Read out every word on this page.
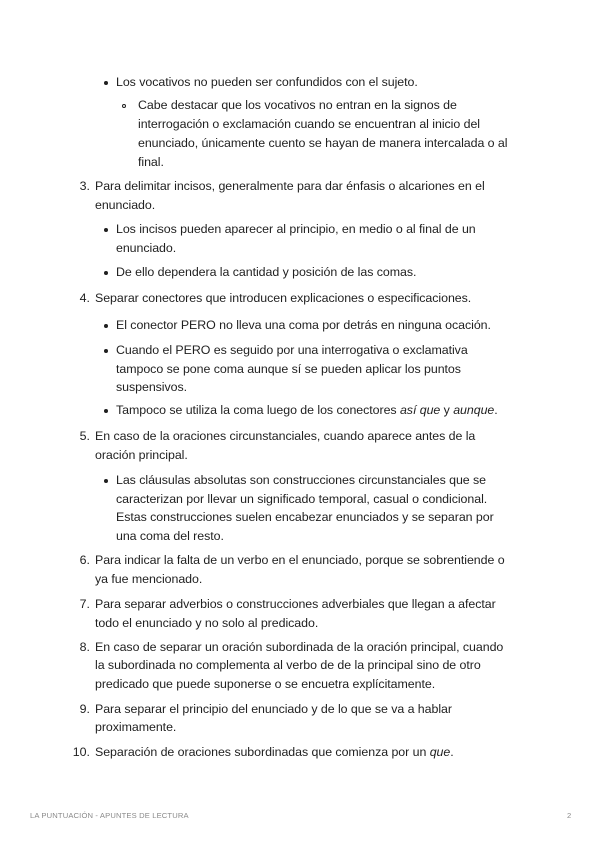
Los vocativos no pueden ser confundidos con el sujeto.
Cabe destacar que los vocativos no entran en la signos de
interrogación o exclamación cuando se encuentran al inicio del
enunciado, únicamente cuento se hayan de manera intercalada o al
final.
3. Para delimitar incisos, generalmente para dar énfasis o alcariones en el
enunciado.
Los incisos pueden aparecer al principio, en medio o al final de un
enunciado.
De ello dependera la cantidad y posición de las comas.
4. Separar conectores que introducen explicaciones o especificaciones.
El conector PERO no lleva una coma por detrás en ninguna ocación.
Cuando el PERO es seguido por una interrogativa o exclamativa
tampoco se pone coma aunque sí se pueden aplicar los puntos
suspensivos.
Tampoco se utiliza la coma luego de los conectores así que y aunque.
5. En caso de la oraciones circunstanciales, cuando aparece antes de la
oración principal.
Las cláusulas absolutas son construcciones circunstanciales que se
caracterizan por llevar un significado temporal, casual o condicional.
Estas construcciones suelen encabezar enunciados y se separan por
una coma del resto.
6. Para indicar la falta de un verbo en el enunciado, porque se sobrentiende o
ya fue mencionado.
7. Para separar adverbios o construcciones adverbiales que llegan a afectar
todo el enunciado y no solo al predicado.
8. En caso de separar un oración subordinada de la oración principal, cuando
la subordinada no complementa al verbo de de la principal sino de otro
predicado que puede suponerse o se encuetra explícitamente.
9. Para separar el principio del enunciado y de lo que se va a hablar
proximamente.
10. Separación de oraciones subordinadas que comienza por un que.
LA PUNTUACIÓN - APUNTES DE LECTURA	2
